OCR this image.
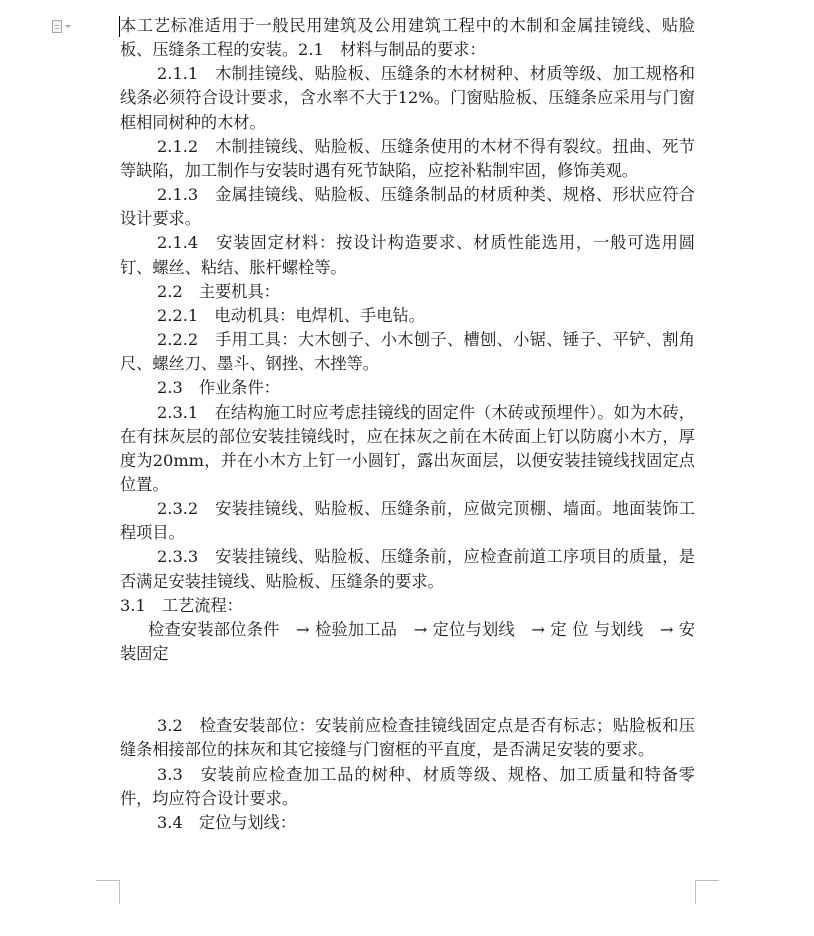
本工艺标准适用于一般民用建筑及公用建筑工程中的木制和金属挂镜线、贴脸板、压缝条工程的安装。2.1　材料与制品的要求：

2.1.1　木制挂镜线、贴脸板、压缝条的木材树种、材质等级、加工规格和线条必须符合设计要求，含水率不大于12%。门窗贴脸板、压缝条应采用与门窗框相同树种的木材。

2.1.2　木制挂镜线、贴脸板、压缝条使用的木材不得有裂纹。扭曲、死节等缺陷，加工制作与安装时遇有死节缺陷，应挖补粘制牢固，修饰美观。

2.1.3　金属挂镜线、贴脸板、压缝条制品的材质种类、规格、形状应符合设计要求。

2.1.4　安装固定材料：按设计构造要求、材质性能选用，一般可选用圆钉、螺丝、粘结、胀杆螺栓等。

2.2　主要机具：

2.2.1　电动机具：电焊机、手电钻。

2.2.2　手用工具：大木刨子、小木刨子、槽刨、小锯、锤子、平铲、割角尺、螺丝刀、墨斗、钢挫、木挫等。

2.3　作业条件：

2.3.1　在结构施工时应考虑挂镜线的固定件（木砖或预埋件）。如为木砖，在有抹灰层的部位安装挂镜线时，应在抹灰之前在木砖面上钉以防腐小木方，厚度为20mm，并在小木方上钉一小圆钉，露出灰面层，以便安装挂镜线找固定点位置。

2.3.2　安装挂镜线、贴脸板、压缝条前，应做完顶棚、墙面。地面装饰工程项目。

2.3.3　安装挂镜线、贴脸板、压缝条前，应检查前道工序项目的质量，是否满足安装挂镜线、贴脸板、压缝条的要求。

3.1　工艺流程：

检查安装部位条件　→ 检验加工品　→ 定位与划线　→ 定 位 与划线　→ 安装固定

3.2　检查安装部位：安装前应检查挂镜线固定点是否有标志；贴脸板和压缝条相接部位的抹灰和其它接缝与门窗框的平直度，是否满足安装的要求。

3.3　安装前应检查加工品的树种、材质等级、规格、加工质量和特备零件，均应符合设计要求。

3.4　定位与划线：
